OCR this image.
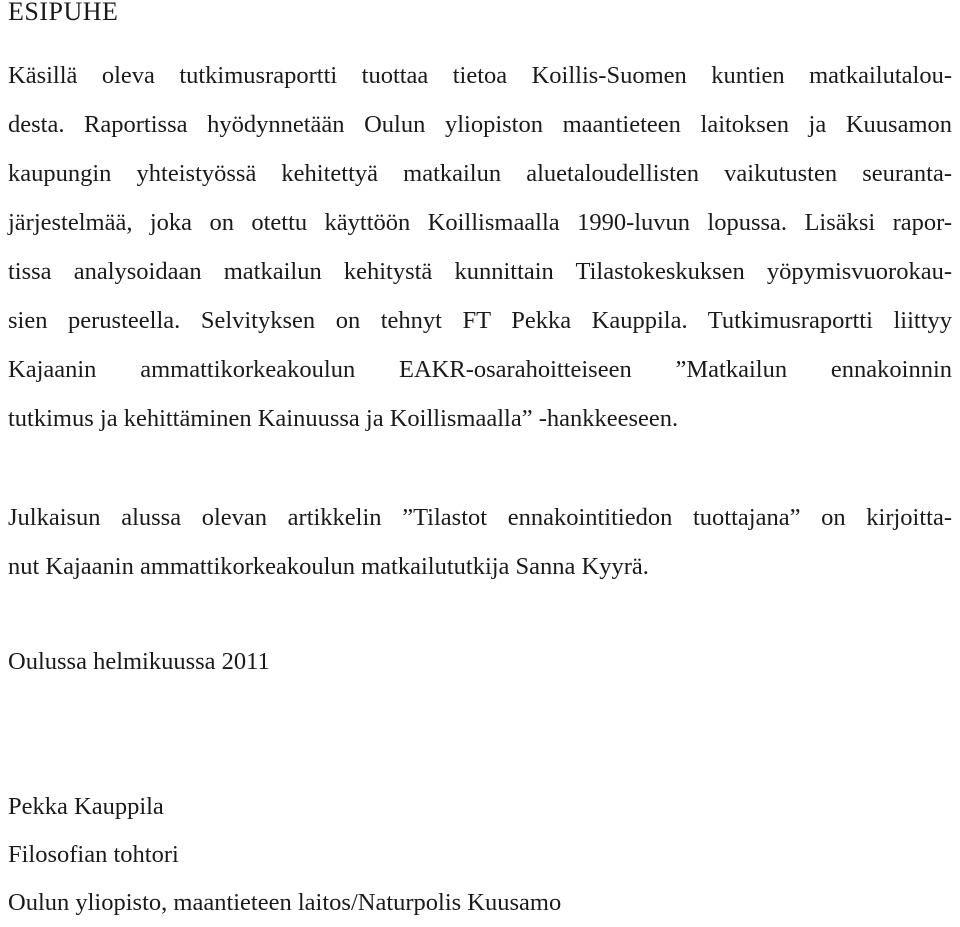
ESIPUHE
Käsillä oleva tutkimusraportti tuottaa tietoa Koillis-Suomen kuntien matkailutalou-
desta. Raportissa hyödynnetään Oulun yliopiston maantieteen laitoksen ja Kuusamon
kaupungin yhteistyössä kehitettyä matkailun aluetaloudellisten vaikutusten seuranta-
järjestelmää, joka on otettu käyttöön Koillismaalla 1990-luvun lopussa. Lisäksi rapor-
tissa analysoidaan matkailun kehitystä kunnittain Tilastokeskuksen yöpymisvuorokau-
sien perusteella. Selvityksen on tehnyt FT Pekka Kauppila. Tutkimusraportti liittyy
Kajaanin ammattikorkeakoulun EAKR-osarahoitteiseen ”Matkailun ennakoinnin
tutkimus ja kehittäminen Kainuussa ja Koillismaalla” -hankkeeseen.
Julkaisun alussa olevan artikkelin ”Tilastot ennakointitiedon tuottajana” on kirjoitta-
nut Kajaanin ammattikorkeakoulun matkailututkija Sanna Kyyrä.
Oulussa helmikuussa 2011
Pekka Kauppila
Filosofian tohtori
Oulun yliopisto, maantieteen laitos/Naturpolis Kuusamo
